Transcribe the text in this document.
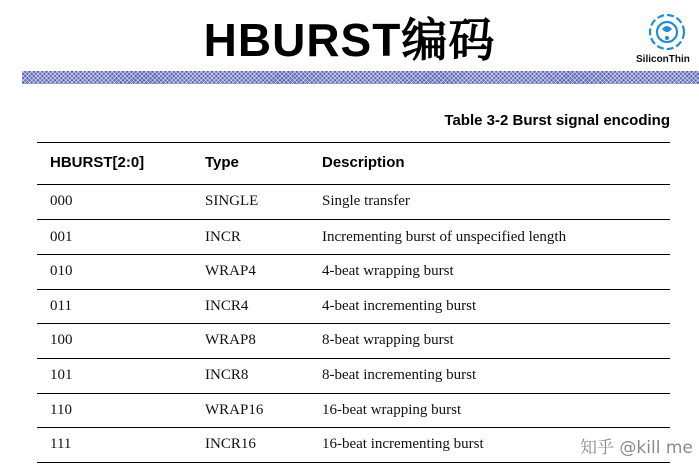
HBURST编码	SiliconThin
Table 3-2 Burst signal encoding
HBURST[2:0]	Type	Description
000	SINGLE	Single transfer
001	INCR	Incrementing burst of unspecified length
010	WRAP4	4-beat wrapping burst
011	INCR4	4-beat incrementing burst
100	WRAP8	8-beat wrapping burst
101	INCR8	8-beat incrementing burst
110	WRAP16	16-beat wrapping burst
111	INCR16	16-beat incrementing burst	知乎 @kill me
